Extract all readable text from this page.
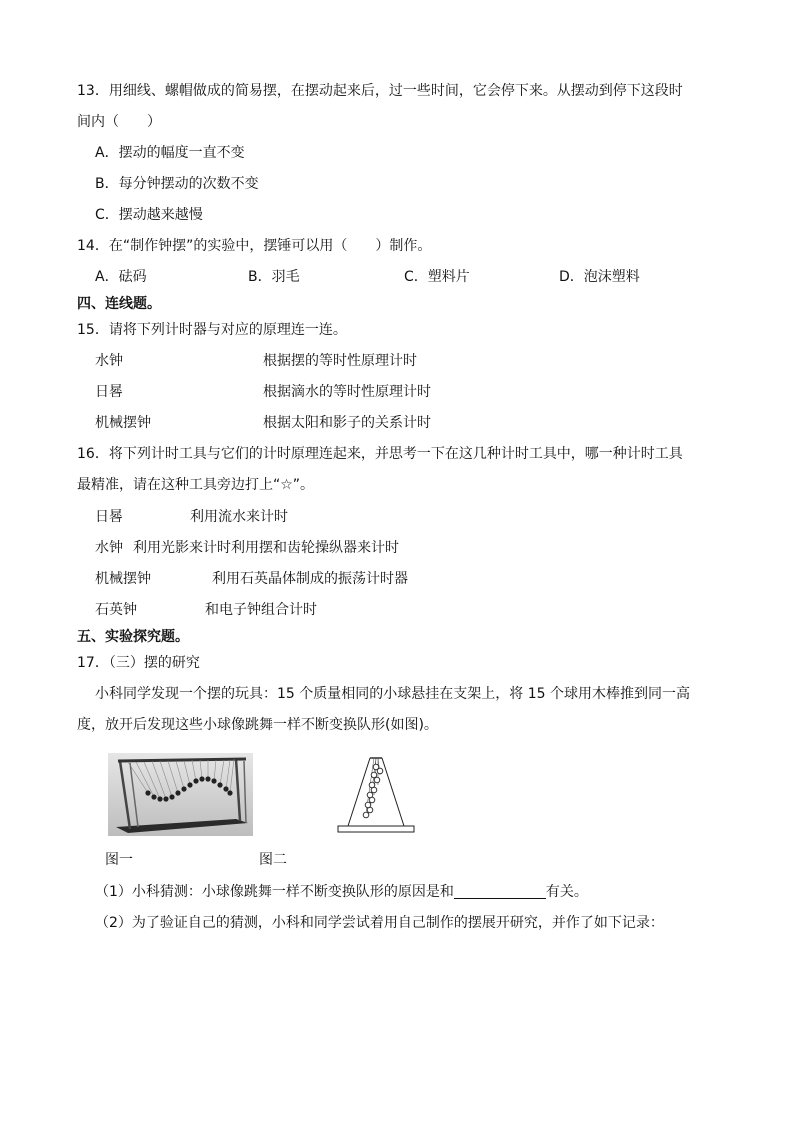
13．用细线、螺帽做成的简易摆，在摆动起来后，过一些时间，它会停下来。从摆动到停下这段时
间内（　　）
A．摆动的幅度一直不变
B．每分钟摆动的次数不变
C．摆动越来越慢
14．在“制作钟摆”的实验中，摆锤可以用（　　）制作。
A．砝码	B．羽毛	C．塑料片	D．泡沫塑料
四、连线题。
15．请将下列计时器与对应的原理连一连。
水钟	根据摆的等时性原理计时
日晷	根据滴水的等时性原理计时
机械摆钟	根据太阳和影子的关系计时
16．将下列计时工具与它们的计时原理连起来，并思考一下在这几种计时工具中，哪一种计时工具
最精准，请在这种工具旁边打上“☆”。
日晷	利用流水来计时
水钟 利用光影来计时利用摆和齿轮操纵器来计时
机械摆钟	利用石英晶体制成的振荡计时器
石英钟	和电子钟组合计时
五、实验探究题。
17．（三）摆的研究
小科同学发现一个摆的玩具：15 个质量相同的小球悬挂在支架上，将 15 个球用木棒推到同一高
度，放开后发现这些小球像跳舞一样不断变换队形(如图)。
图一	图二
（1）小科猜测：小球像跳舞一样不断变换队形的原因是和	有关。
（2）为了验证自己的猜测，小科和同学尝试着用自己制作的摆展开研究，并作了如下记录：
